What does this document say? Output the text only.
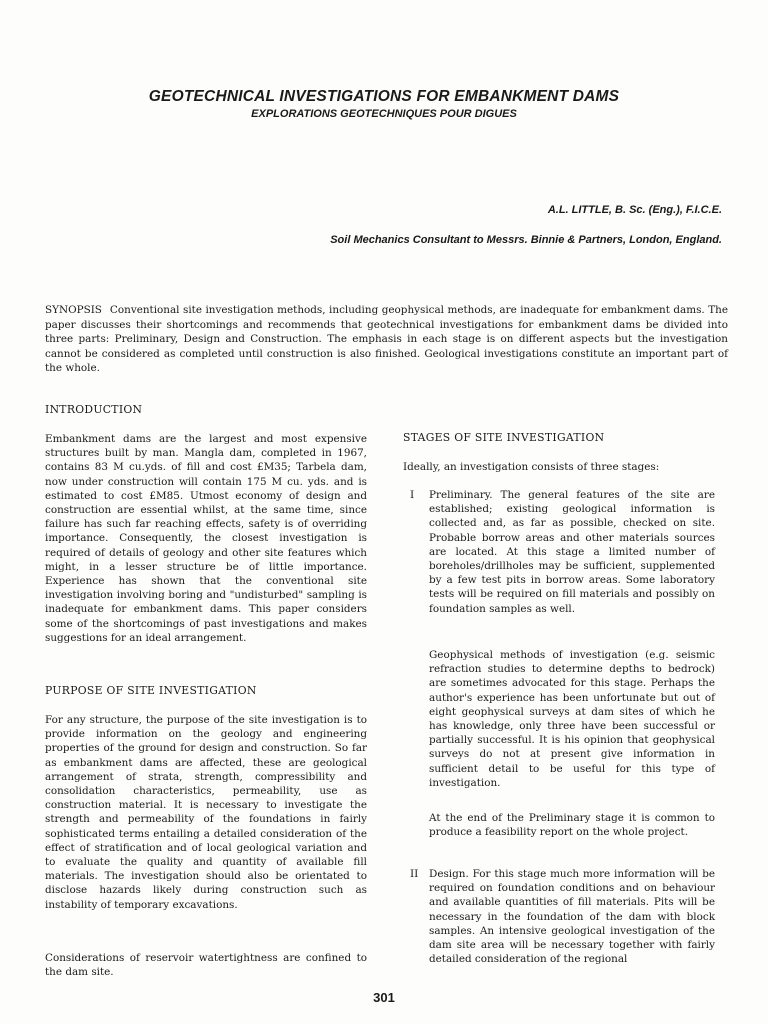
GEOTECHNICAL INVESTIGATIONS FOR EMBANKMENT DAMS
EXPLORATIONS GEOTECHNIQUES POUR DIGUES
A.L. LITTLE, B. Sc. (Eng.), F.I.C.E.
Soil Mechanics Consultant to Messrs. Binnie & Partners, London, England.
SYNOPSIS Conventional site investigation methods, including geophysical methods, are inadequate for embankment dams. The paper discusses their shortcomings and recommends that geotechnical investigations for embankment dams be divided into three parts: Preliminary, Design and Construction. The emphasis in each stage is on different aspects but the investigation cannot be considered as completed until construction is also finished. Geological investigations constitute an important part of the whole.
INTRODUCTION
Embankment dams are the largest and most expensive structures built by man. Mangla dam, completed in 1967, contains 83 M cu.yds. of fill and cost £M35; Tarbela dam, now under construction will contain 175 M cu. yds. and is estimated to cost £M85. Utmost economy of design and construction are essential whilst, at the same time, since failure has such far reaching effects, safety is of overriding importance. Consequently, the closest investigation is required of details of geology and other site features which might, in a lesser structure be of little importance. Experience has shown that the conventional site investigation involving boring and "undisturbed" sampling is inadequate for embankment dams. This paper considers some of the shortcomings of past investigations and makes suggestions for an ideal arrangement.
PURPOSE OF SITE INVESTIGATION
For any structure, the purpose of the site investigation is to provide information on the geology and engineering properties of the ground for design and construction. So far as embankment dams are affected, these are geological arrangement of strata, strength, compressibility and consolidation characteristics, permeability, use as construction material. It is necessary to investigate the strength and permeability of the foundations in fairly sophisticated terms entailing a detailed consideration of the effect of stratification and of local geological variation and to evaluate the quality and quantity of available fill materials. The investigation should also be orientated to disclose hazards likely during construction such as instability of temporary excavations.
Considerations of reservoir watertightness are confined to the dam site.
STAGES OF SITE INVESTIGATION
Ideally, an investigation consists of three stages:
I Preliminary. The general features of the site are established; existing geological information is collected and, as far as possible, checked on site. Probable borrow areas and other materials sources are located. At this stage a limited number of boreholes/drillholes may be sufficient, supplemented by a few test pits in borrow areas. Some laboratory tests will be required on fill materials and possibly on foundation samples as well.
Geophysical methods of investigation (e.g. seismic refraction studies to determine depths to bedrock) are sometimes advocated for this stage. Perhaps the author's experience has been unfortunate but out of eight geophysical surveys at dam sites of which he has knowledge, only three have been successful or partially successful. It is his opinion that geophysical surveys do not at present give information in sufficient detail to be useful for this type of investigation.
At the end of the Preliminary stage it is common to produce a feasibility report on the whole project.
II Design. For this stage much more information will be required on foundation conditions and on behaviour and available quantities of fill materials. Pits will be necessary in the foundation of the dam with block samples. An intensive geological investigation of the dam site area will be necessary together with fairly detailed consideration of the regional
301
